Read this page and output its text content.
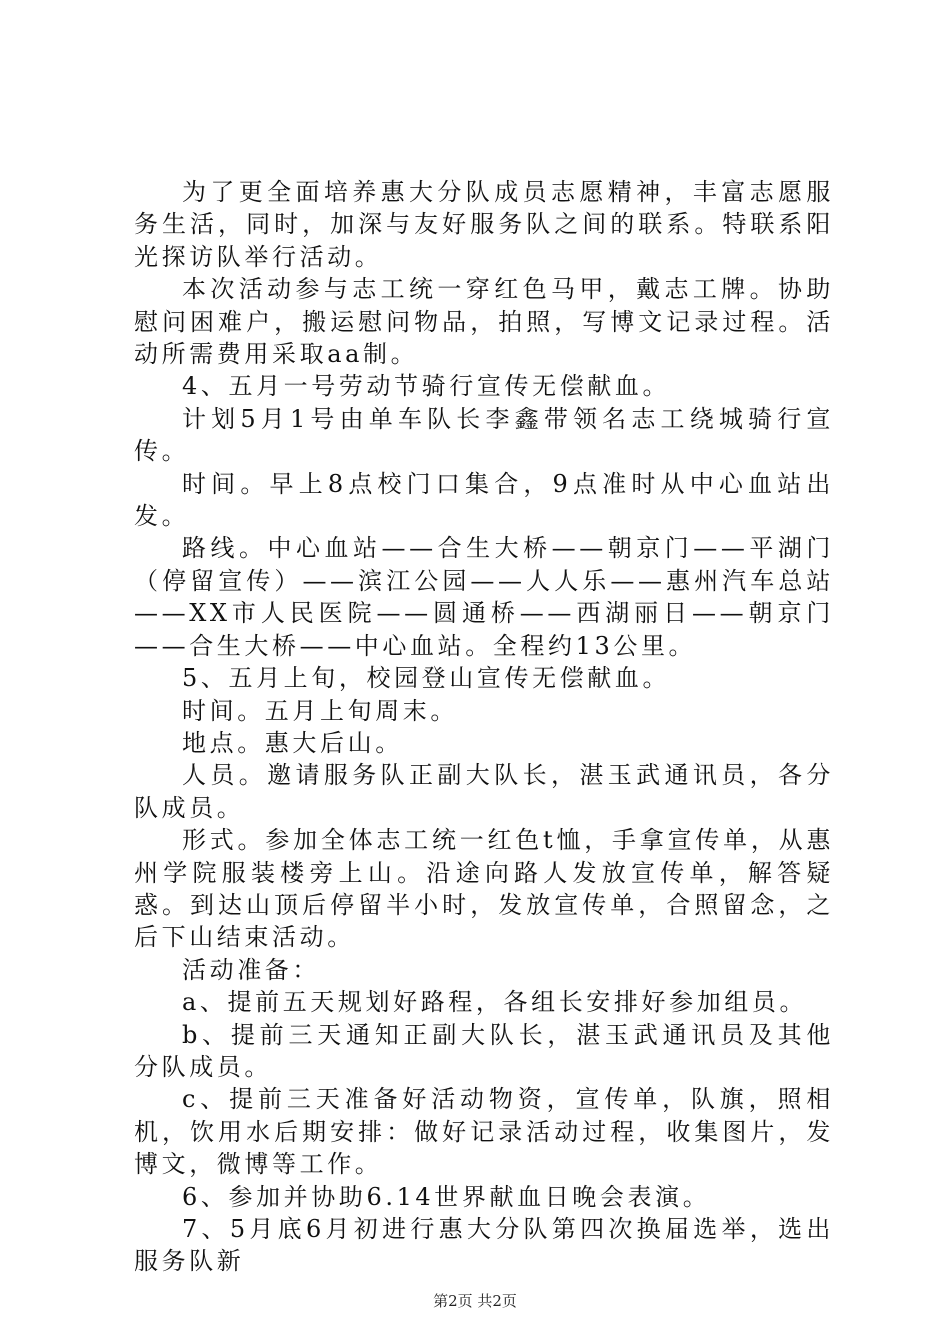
为了更全面培养惠大分队成员志愿精神，丰富志愿服务生活，同时，加深与友好服务队之间的联系。特联系阳光探访队举行活动。

本次活动参与志工统一穿红色马甲，戴志工牌。协助慰问困难户，搬运慰问物品，拍照，写博文记录过程。活动所需费用采取aa制。

4、五月一号劳动节骑行宣传无偿献血。

计划5月1号由单车队长李鑫带领名志工绕城骑行宣传。

时间。早上8点校门口集合，9点准时从中心血站出发。

路线。中心血站——合生大桥——朝京门——平湖门（停留宣传）——滨江公园——人人乐——惠州汽车总站——XX市人民医院——圆通桥——西湖丽日——朝京门——合生大桥——中心血站。全程约13公里。

5、五月上旬，校园登山宣传无偿献血。

时间。五月上旬周末。

地点。惠大后山。

人员。邀请服务队正副大队长，湛玉武通讯员，各分队成员。

形式。参加全体志工统一红色t恤，手拿宣传单，从惠州学院服装楼旁上山。沿途向路人发放宣传单，解答疑惑。到达山顶后停留半小时，发放宣传单，合照留念，之后下山结束活动。

活动准备：

a、提前五天规划好路程，各组长安排好参加组员。

b、提前三天通知正副大队长，湛玉武通讯员及其他分队成员。

c、提前三天准备好活动物资，宣传单，队旗，照相机，饮用水后期安排：做好记录活动过程，收集图片，发博文，微博等工作。

6、参加并协助6.14世界献血日晚会表演。

7、5月底6月初进行惠大分队第四次换届选举，选出服务队新

第2页 共2页
